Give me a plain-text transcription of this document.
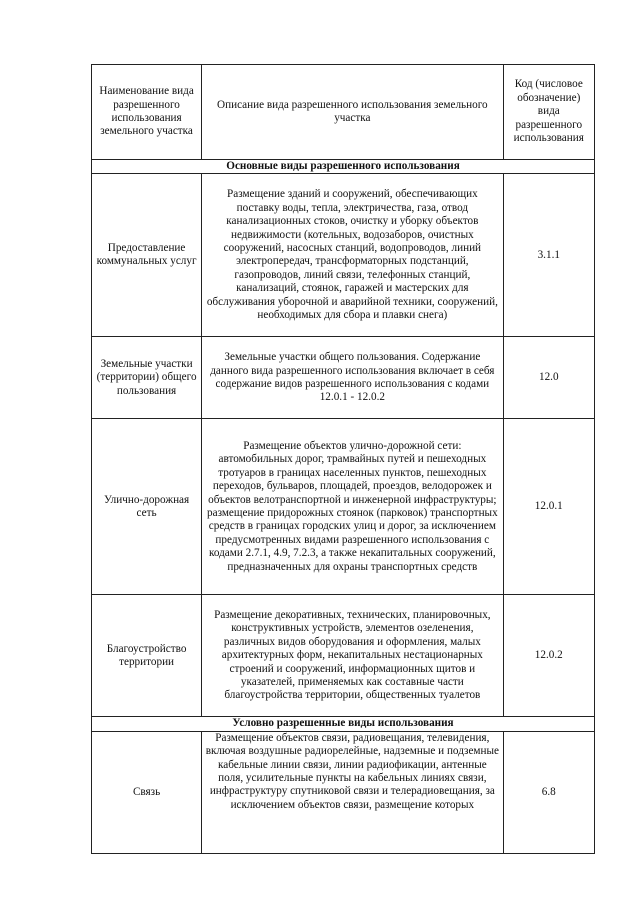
Наименование вида разрешенного использования земельного участка	Описание вида разрешенного использования земельного участка	Код (числовое обозначение) вида разрешенного использования
Основные виды разрешенного использования		
Предоставление коммунальных услуг	Размещение зданий и сооружений, обеспечивающих поставку воды, тепла, электричества, газа, отвод канализационных стоков, очистку и уборку объектов недвижимости (котельных, водозаборов, очистных сооружений, насосных станций, водопроводов, линий электропередач, трансформаторных подстанций, газопроводов, линий связи, телефонных станций, канализаций, стоянок, гаражей и мастерских для обслуживания уборочной и аварийной техники, сооружений, необходимых для сбора и плавки снега)	3.1.1
Земельные участки (территории) общего пользования	Земельные участки общего пользования. Содержание данного вида разрешенного использования включает в себя содержание видов разрешенного использования с кодами 12.0.1 - 12.0.2	12.0
Улично-дорожная сеть	Размещение объектов улично-дорожной сети: автомобильных дорог, трамвайных путей и пешеходных тротуаров в границах населенных пунктов, пешеходных переходов, бульваров, площадей, проездов, велодорожек и объектов велотранспортной и инженерной инфраструктуры; размещение придорожных стоянок (парковок) транспортных средств в границах городских улиц и дорог, за исключением предусмотренных видами разрешенного использования с кодами 2.7.1, 4.9, 7.2.3, а также некапитальных сооружений, предназначенных для охраны транспортных средств	12.0.1
Благоустройство территории	Размещение декоративных, технических, планировочных, конструктивных устройств, элементов озеленения, различных видов оборудования и оформления, малых архитектурных форм, некапитальных нестационарных строений и сооружений, информационных щитов и указателей, применяемых как составные части благоустройства территории, общественных туалетов	12.0.2
Условно разрешенные виды использования		
Связь	Размещение объектов связи, радиовещания, телевидения, включая воздушные радиорелейные, надземные и подземные кабельные линии связи, линии радиофикации, антенные поля, усилительные пункты на кабельных линиях связи, инфраструктуру спутниковой связи и телерадиовещания, за исключением объектов связи, размещение которых	6.8
